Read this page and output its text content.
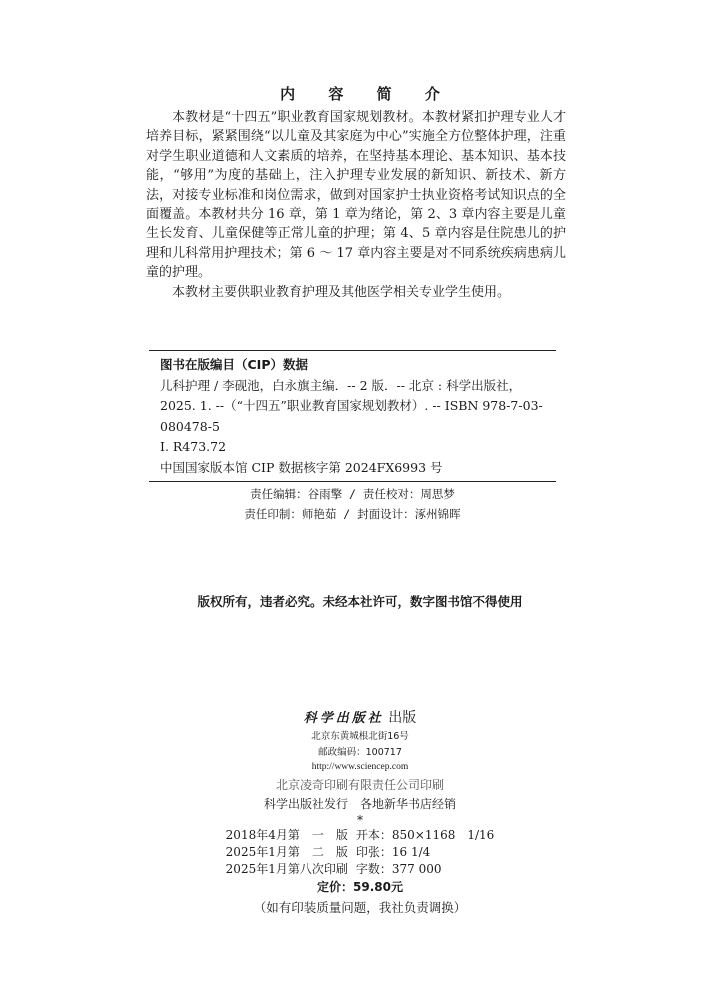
内 容 简 介

本教材是“十四五”职业教育国家规划教材。本教材紧扣护理专业人才培养目标，紧紧围绕“以儿童及其家庭为中心”实施全方位整体护理，注重对学生职业道德和人文素质的培养，在坚持基本理论、基本知识、基本技能，“够用”为度的基础上，注入护理专业发展的新知识、新技术、新方法，对接专业标准和岗位需求，做到对国家护士执业资格考试知识点的全面覆盖。本教材共分 16 章，第 1 章为绪论，第 2、3 章内容主要是儿童生长发育、儿童保健等正常儿童的护理；第 4、5 章内容是住院患儿的护理和儿科常用护理技术；第 6 ～ 17 章内容主要是对不同系统疾病患病儿童的护理。

本教材主要供职业教育护理及其他医学相关专业学生使用。

图书在版编目（CIP）数据
儿科护理 / 李砚池，白永旗主编．-- 2 版．-- 北京 : 科学出版社，
2025. 1. --（“十四五”职业教育国家规划教材）. -- ISBN 978-7-03-
080478-5
Ⅰ. R473.72
中国国家版本馆 CIP 数据核字第 2024FX6993 号
责任编辑：谷雨擎 / 责任校对：周思梦
责任印制：师艳茹 / 封面设计：涿州锦晖
版权所有，违者必究。未经本社许可，数字图书馆不得使用
科学出版社 出版
北京东黄城根北街16号
邮政编码：100717
http://www.sciencep.com
北京凌奇印刷有限责任公司印刷
科学出版社发行　各地新华书店经销
*
2018年4月第　一　版 开本：850×1168　1/16
2025年1月第　二　版 印张：16 1/4
2025年1月第八次印刷 字数：377 000
定价：59.80元
（如有印装质量问题，我社负责调换）
